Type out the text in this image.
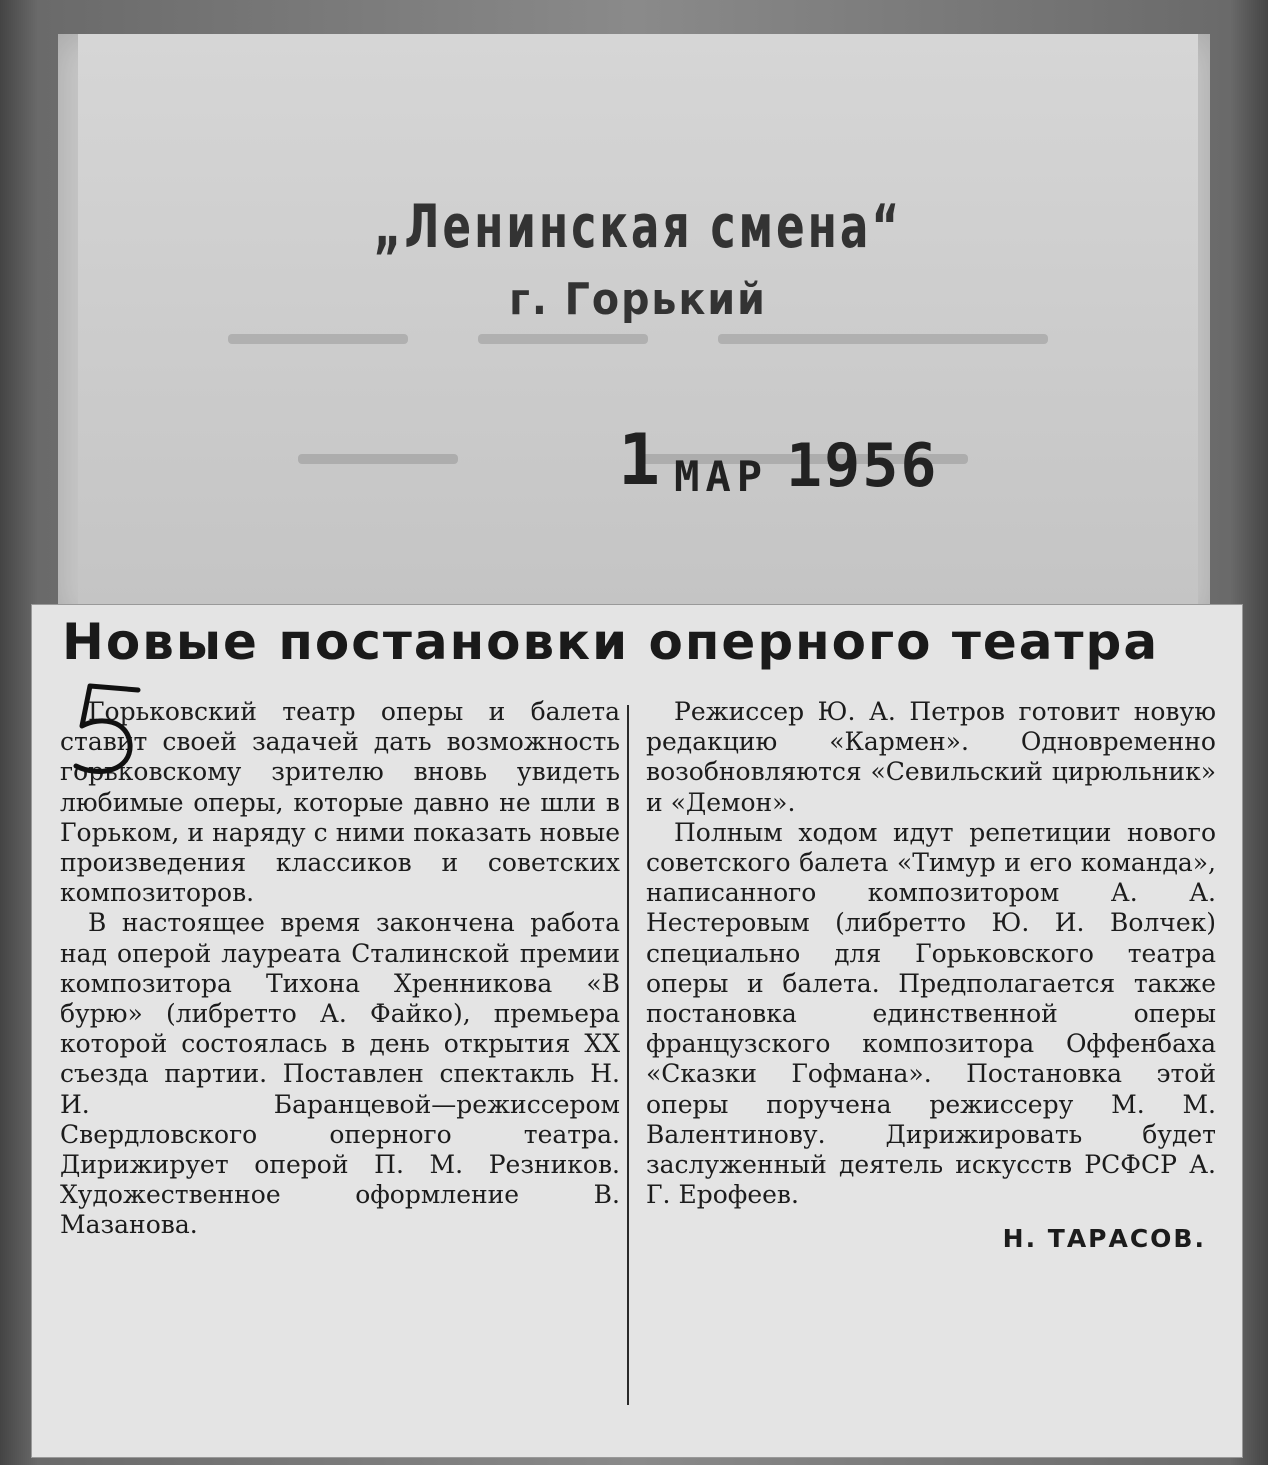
„Ленинская смена“
г. Горький
1 МАР 1956
Новые постановки оперного театра

Горьковский театр оперы и балета ставит своей задачей дать возможность горьковскому зрителю вновь увидеть любимые оперы, которые давно не шли в Горьком, и наряду с ними показать новые произведения классиков и советских композиторов.

В настоящее время закончена работа над оперой лауреата Сталинской премии композитора Тихона Хренникова «В бурю» (либретто А. Файко), премьера которой состоялась в день открытия XX съезда партии. Поставлен спектакль Н. И. Баранцевой—режиссером Свердловского оперного театра. Дирижирует оперой П. М. Резников. Художественное оформление В. Мазанова.

Режиссер Ю. А. Петров готовит новую редакцию «Кармен». Одновременно возобновляются «Севильский цирюльник» и «Демон».

Полным ходом идут репетиции нового советского балета «Тимур и его команда», написанного композитором А. А. Нестеровым (либретто Ю. И. Волчек) специально для Горьковского театра оперы и балета. Предполагается также постановка единственной оперы французского композитора Оффенбаха «Сказки Гофмана». Постановка этой оперы поручена режиссеру М. М. Валентинову. Дирижировать будет заслуженный деятель искусств РСФСР А. Г. Ерофеев.

Н. ТАРАСОВ.
